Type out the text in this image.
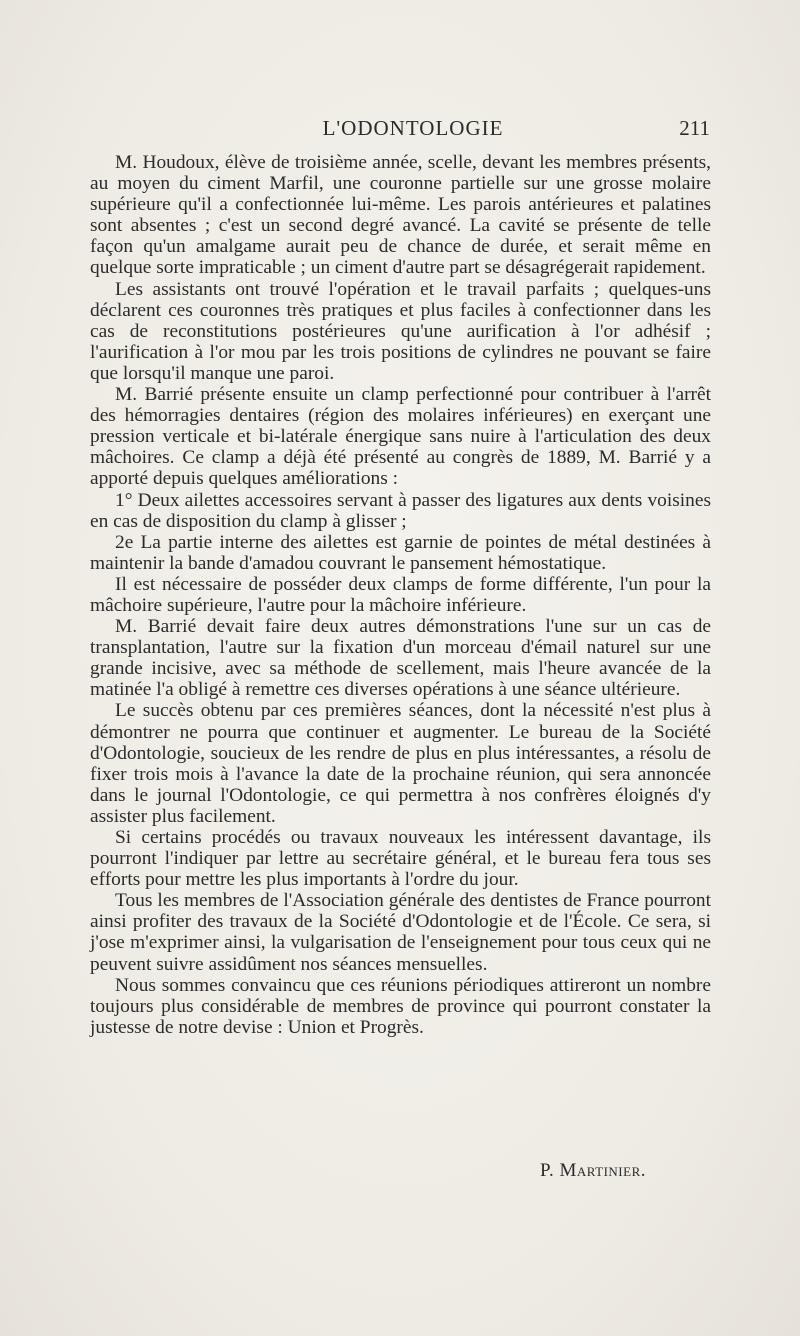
L'ODONTOLOGIE	211

M. Houdoux, élève de troisième année, scelle, devant les membres présents, au moyen du ciment Marfil, une couronne partielle sur une grosse molaire supérieure qu'il a confectionnée lui-même. Les parois antérieures et palatines sont absentes ; c'est un second degré avancé. La cavité se présente de telle façon qu'un amalgame aurait peu de chance de durée, et serait même en quelque sorte impraticable ; un ciment d'autre part se désagrégerait rapidement.

Les assistants ont trouvé l'opération et le travail parfaits ; quelques-uns déclarent ces couronnes très pratiques et plus faciles à confectionner dans les cas de reconstitutions postérieures qu'une aurification à l'or adhésif ; l'aurification à l'or mou par les trois positions de cylindres ne pouvant se faire que lorsqu'il manque une paroi.

M. Barrié présente ensuite un clamp perfectionné pour contribuer à l'arrêt des hémorragies dentaires (région des molaires inférieures) en exerçant une pression verticale et bi-latérale énergique sans nuire à l'articulation des deux mâchoires. Ce clamp a déjà été présenté au congrès de 1889, M. Barrié y a apporté depuis quelques améliorations :

1° Deux ailettes accessoires servant à passer des ligatures aux dents voisines en cas de disposition du clamp à glisser ;

2e La partie interne des ailettes est garnie de pointes de métal destinées à maintenir la bande d'amadou couvrant le pansement hémostatique.

Il est nécessaire de posséder deux clamps de forme différente, l'un pour la mâchoire supérieure, l'autre pour la mâchoire inférieure.

M. Barrié devait faire deux autres démonstrations l'une sur un cas de transplantation, l'autre sur la fixation d'un morceau d'émail naturel sur une grande incisive, avec sa méthode de scellement, mais l'heure avancée de la matinée l'a obligé à remettre ces diverses opérations à une séance ultérieure.

Le succès obtenu par ces premières séances, dont la nécessité n'est plus à démontrer ne pourra que continuer et augmenter. Le bureau de la Société d'Odontologie, soucieux de les rendre de plus en plus intéressantes, a résolu de fixer trois mois à l'avance la date de la prochaine réunion, qui sera annoncée dans le journal l'Odontologie, ce qui permettra à nos confrères éloignés d'y assister plus facilement.

Si certains procédés ou travaux nouveaux les intéressent davantage, ils pourront l'indiquer par lettre au secrétaire général, et le bureau fera tous ses efforts pour mettre les plus importants à l'ordre du jour.

Tous les membres de l'Association générale des dentistes de France pourront ainsi profiter des travaux de la Société d'Odontologie et de l'École. Ce sera, si j'ose m'exprimer ainsi, la vulgarisation de l'enseignement pour tous ceux qui ne peuvent suivre assidûment nos séances mensuelles.

Nous sommes convaincu que ces réunions périodiques attireront un nombre toujours plus considérable de membres de province qui pourront constater la justesse de notre devise : Union et Progrès.

P. Martinier.
